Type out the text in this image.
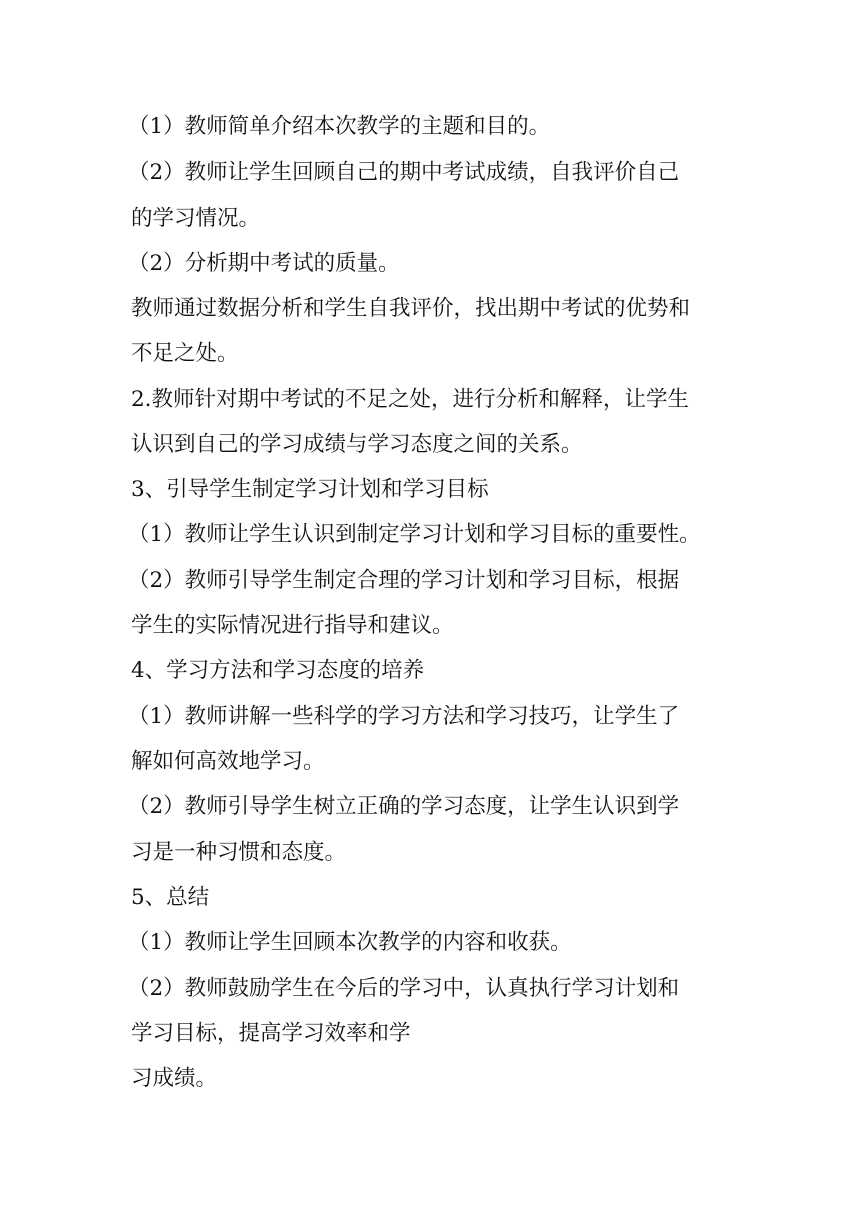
（1）教师简单介绍本次教学的主题和目的。
（2）教师让学生回顾自己的期中考试成绩，自我评价自己
的学习情况。
（2）分析期中考试的质量。
教师通过数据分析和学生自我评价，找出期中考试的优势和
不足之处。
2.教师针对期中考试的不足之处，进行分析和解释，让学生
认识到自己的学习成绩与学习态度之间的关系。
3、引导学生制定学习计划和学习目标
（1）教师让学生认识到制定学习计划和学习目标的重要性。
（2）教师引导学生制定合理的学习计划和学习目标，根据
学生的实际情况进行指导和建议。
4、学习方法和学习态度的培养
（1）教师讲解一些科学的学习方法和学习技巧，让学生了
解如何高效地学习。
（2）教师引导学生树立正确的学习态度，让学生认识到学
习是一种习惯和态度。
5、总结
（1）教师让学生回顾本次教学的内容和收获。
（2）教师鼓励学生在今后的学习中，认真执行学习计划和
学习目标，提高学习效率和学
习成绩。
